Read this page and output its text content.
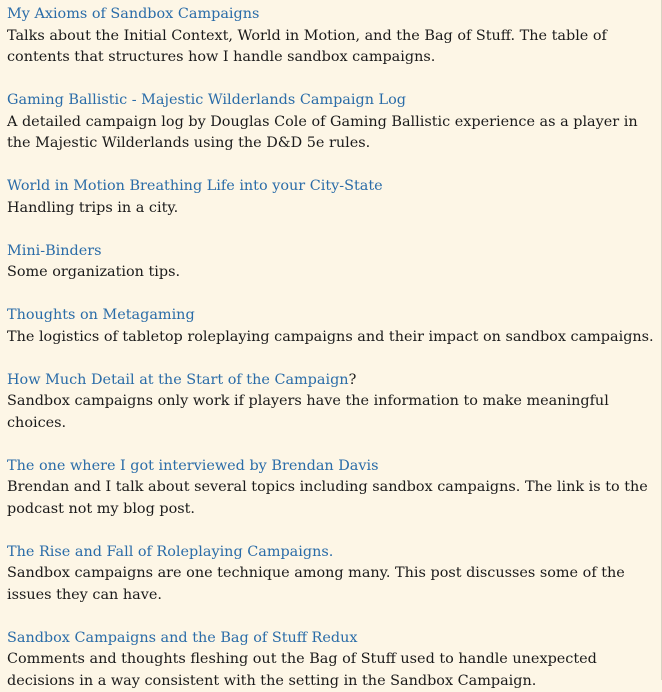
My Axioms of Sandbox Campaigns
Talks about the Initial Context, World in Motion, and the Bag of Stuff. The table of contents that structures how I handle sandbox campaigns.
Gaming Ballistic - Majestic Wilderlands Campaign Log
A detailed campaign log by Douglas Cole of Gaming Ballistic experience as a player in the Majestic Wilderlands using the D&D 5e rules.
World in Motion Breathing Life into your City-State
Handling trips in a city.
Mini-Binders
Some organization tips.
Thoughts on Metagaming
The logistics of tabletop roleplaying campaigns and their impact on sandbox campaigns.
How Much Detail at the Start of the Campaign?
Sandbox campaigns only work if players have the information to make meaningful choices.
The one where I got interviewed by Brendan Davis
Brendan and I talk about several topics including sandbox campaigns. The link is to the podcast not my blog post.
The Rise and Fall of Roleplaying Campaigns.
Sandbox campaigns are one technique among many. This post discusses some of the issues they can have.
Sandbox Campaigns and the Bag of Stuff Redux
Comments and thoughts fleshing out the Bag of Stuff used to handle unexpected decisions in a way consistent with the setting in the Sandbox Campaign.
